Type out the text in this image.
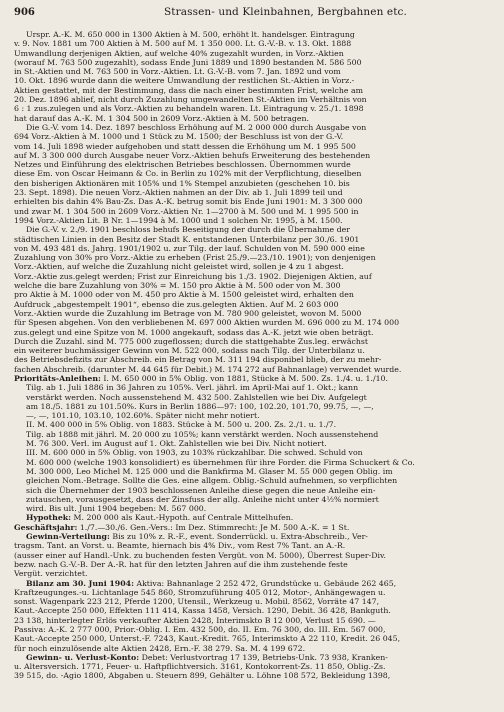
906	Strassen- und Kleinbahnen, Bergbahnen etc.
Urspr. A.-K. M. 650 000 in 1300 Aktien à M. 500, erhöht lt. handelsger. Eintragung
v. 9. Nov. 1881 um 700 Aktien à M. 500 auf M. 1 350 000. Lt. G.-V.-B. v. 13. Okt. 1888
Umwandlung derjenigen Aktien, auf welche 40% zugezahlt wurden, in Vorz.-Aktien
(worauf M. 763 500 zugezahlt), sodass Ende Juni 1889 und 1890 bestanden M. 586 500
in St.-Aktien und M. 763 500 in Vorz.-Aktien. Lt. G.-V.-B. vom 7. Jan. 1892 und vom
10. Okt. 1896 wurde dann die weitere Umwandlung der restlichen St.-Aktien in Vorz.-
Aktien gestattet, mit der Bestimmung, dass die nach einer bestimmten Frist, welche am
20. Dez. 1896 ablief, nicht durch Zuzahlung umgewandelten St.-Aktien im Verhältnis von
6 : 1 zus.zulegen und als Vorz.-Aktien zu behandeln waren. Lt. Eintragung v. 25./1. 1898
hat darauf das A.-K. M. 1 304 500 in 2609 Vorz.-Aktien à M. 500 betragen.
Die G.-V. vom 14. Dez. 1897 beschloss Erhöhung auf M. 2 000 000 durch Ausgabe von
694 Vorz.-Aktien à M. 1000 und 1 Stück zu M. 1500; der Beschluss ist von der G.-V.
vom 14. Juli 1898 wieder aufgehoben und statt dessen die Erhöhung um M. 1 995 500
auf M. 3 300 000 durch Ausgabe neuer Vorz.-Aktien behufs Erweiterung des bestehenden
Netzes und Einführung des elektrischen Betriebes beschlossen. Übernommen wurde
diese Em. von Oscar Heimann & Co. in Berlin zu 102% mit der Verpflichtung, dieselben
den bisherigen Aktionären mit 105% und 1% Stempel anzubieten (geschehen 10. bis
23. Sept. 1898). Die neuen Vorz.-Aktien nahmen an der Div. ab 1. Juli 1899 teil und
erhielten bis dahin 4% Bau-Zs. Das A.-K. betrug somit bis Ende Juni 1901: M. 3 300 000
und zwar M. 1 304 500 in 2609 Vorz.-Aktien Nr. 1—2700 à M. 500 und M. 1 995 500 in
1994 Vorz.-Aktien Lit. B Nr. 1—1994 à M. 1000 und 1 solchen Nr. 1995, à M. 1500.
Die G.-V. v. 2./9. 1901 beschloss behufs Beseitigung der durch die Übernahme der
städtischen Linien in den Besitz der Stadt K. entstandenen Unterbilanz per 30./6. 1901
von M. 493 481 ds. Jahrg. 1901/1902 u. zur Tilg. der lauf. Schulden von M. 590 000 eine
Zuzahlung von 30% pro Vorz.-Aktie zu erheben (Frist 25./9.—23./10. 1901); von denjenigen
Vorz.-Aktien, auf welche die Zuzahlung nicht geleistet wird, sollen je 4 zu 1 abgest.
Vorz.-Aktie zus.gelegt werden; Frist zur Einreichung bis 1./3. 1902. Diejenigen Aktien, auf
welche die bare Zuzahlung von 30% = M. 150 pro Aktie à M. 500 oder von M. 300
pro Aktie à M. 1000 oder von M. 450 pro Aktie à M. 1500 geleistet wird, erhalten den
Aufdruck „abgestempelt 1901“, ebenso die zus.gelegten Aktien. Auf M. 2 603 000
Vorz.-Aktien wurde die Zuzahlung im Betrage von M. 780 900 geleistet, wovon M. 5000
für Spesen abgehen. Von den verbliebenen M. 697 000 Aktien wurden M. 696 000 zu M. 174 000
zus.gelegt und eine Spitze von M. 1000 angekauft, sodass das A.-K. jetzt wie oben beträgt.
Durch die Zuzahl. sind M. 775 000 zugeflossen; durch die stattgehabte Zus.leg. erwächst
ein weiterer buchmässiger Gewinn von M. 522 000, sodass nach Tilg. der Unterbilanz u.
des Betriebsdefizits zur Abschreib. ein Betrag von M. 311 194 disponibel blieb, der zu mehr-
fachen Abschreib. (darunter M. 44 645 für Debit.) M. 174 272 auf Bahnanlage) verwendet wurde.
Prioritäts-Anleihen: I. M. 650 000 in 5% Oblig. von 1881, Stücke à M. 500. Zs. 1./4. u. 1./10.
Tilg. ab 1. Juli 1886 in 36 Jahren zu 105%. Verl. jährl. im April-Mai auf 1. Okt.; kann
verstärkt werden. Noch aussenstehend M. 432 500. Zahlstellen wie bei Div. Aufgelegt
am 18./5. 1881 zu 101.50%. Kurs in Berlin 1886—97: 100, 102.20, 101.70, 99.75, —, —,
—, —, 101.10, 103.10, 102.60%. Später nicht mehr notiert.
II. M. 400 000 in 5% Oblig. von 1883. Stücke à M. 500 u. 200. Zs. 2./1. u. 1./7.
Tilg. ab 1888 mit jährl. M. 20 000 zu 105%; kann verstärkt werden. Noch aussenstehend
M. 76 300. Verl. im August auf 1. Okt. Zahlstellen wie bei Div. Nicht notiert.
III. M. 600 000 in 5% Oblig. von 1903, zu 103% rückzahlbar. Die schwed. Schuld von
M. 600 000 (welche 1903 konsolidiert) es übernehmen für ihre Forder. die Firma Schuckert & Co.
M. 300 000, Leo Michel M. 125 000 und die Bankfirma M. Glaser M. 55 000 gegen Oblig. im
gleichen Nom.-Betrage. Sollte die Ges. eine allgem. Oblig.-Schuld aufnehmen, so verpflichten
sich die Übernehmer der 1903 beschlossenen Anleihe diese gegen die neue Anleihe ein-
zutauschen, vorausgesetzt, dass der Zinsfuss der allg. Anleihe nicht unter 4½% normiert
wird. Bis ult. Juni 1904 begeben: M. 567 000.
Hypothek: M. 200 000 als Kaut.-Hypoth. auf Centrale Mittelhufen.
Geschäftsjahr: 1./7.—30./6. Gen.-Vers.: Im Dez. Stimmrecht: Je M. 500 A.-K. = 1 St.
Gewinn-Verteilung: Bis zu 10% z. R.-F., event. Sonderrückl. u. Extra-Abschreib., Ver-
tragsm. Tant. an Vorst. u. Beamte, hiernach bis 4% Div., vom Rest 7% Tant. an A.-R.
(ausser einer auf Handl.-Unk. zu buchenden festen Vergüt. von M. 5000), Überrest Super-Div.
bezw. nach G.-V.-B. Der A.-R. hat für den letzten Jahren auf die ihm zustehende feste
Vergüt. verzichtet.
Bilanz am 30. Juni 1904: Aktiva: Bahnanlage 2 252 472, Grundstücke u. Gebäude 262 465,
Kraftzeugunges.-u. Lichtanlage 545 860, Stromzuführung 405 012, Motor-, Anhängewagen u.
sonst. Wagenpark 223 212, Pferde 1200, Utensil., Werkzeug u. Mobil. 8562, Vorräte 47 147,
Kaut.-Accepte 250 000, Effekten 111 414, Kassa 1458, Versich. 1290, Debit. 36 428, Bankguth.
23 138, hinterlegter Erlös verkaufter Aktien 2428, Interimskto B 12 000, Verlust 15 690. —
Passiva: A.-K. 2 777 000, Prior.-Oblig. I. Em. 432 500, do. II. Em. 76 300, do. III. Em. 567 000,
Kaut.-Accepte 250 000, Unterst.-F. 7243, Kaut.-Kredit. 765, Interimskto A 22 110, Kredit. 26 045,
für noch einzulösende alte Aktien 2428, Ern.-F. 38 279. Sa. M. 4 199 672.
Gewinn- u. Verlust-Konto: Debet: Verlustvortrag 17 139, Betriebs-Unk. 73 938, Kranken-
u. Altersversich. 1771, Feuer- u. Haftpflichtversich. 3161, Kontokorrent-Zs. 11 850, Oblig.-Zs.
39 515, do. -Agio 1800, Abgaben u. Steuern 899, Gehälter u. Löhne 108 572, Bekleidung 1398,
